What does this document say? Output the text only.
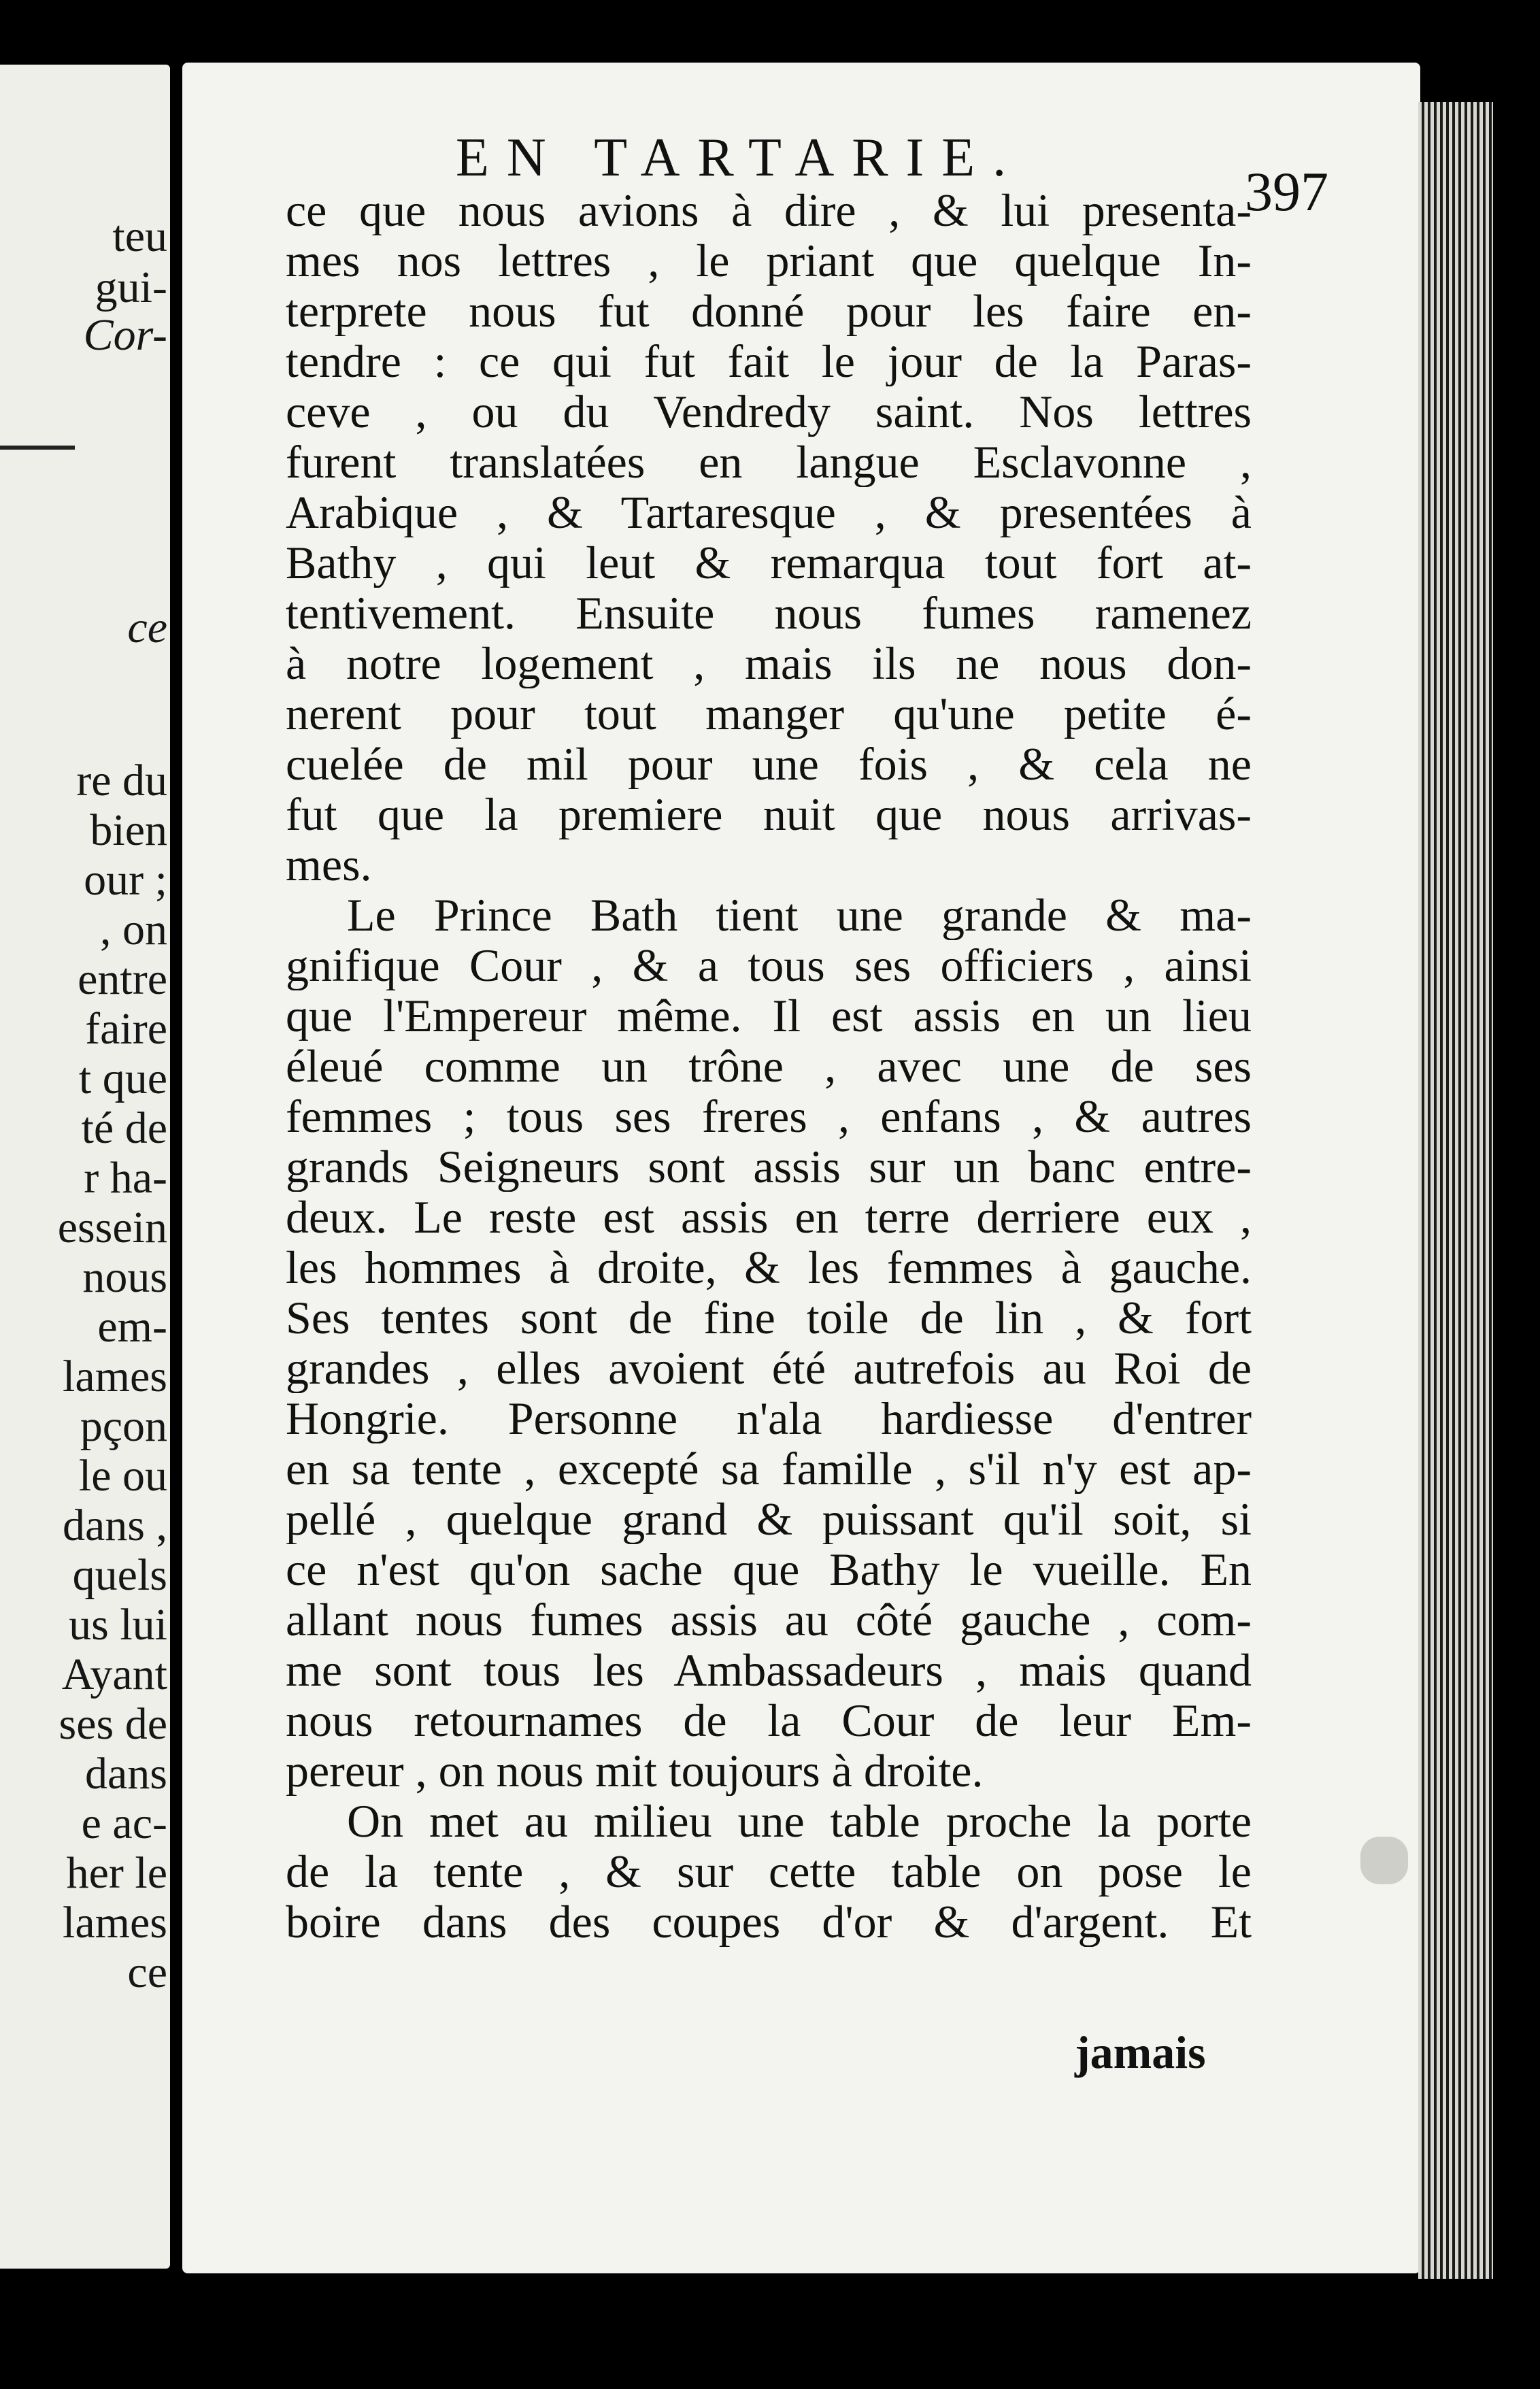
teu
gui-
Cor-
ce
re du
bien
our ;
, on
entre
faire
t que
té de
r ha-
essein
nous
em-
lames
pçon
le ou
dans ,
quels
us lui
Ayant
ses de
dans
e ac-
her le
lames
ce
EN TARTARIE.
397
ce que nous avions à dire , & lui presenta-
mes nos lettres , le priant que quelque In-
terprete nous fut donné pour les faire en-
tendre : ce qui fut fait le jour de la Paras-
ceve , ou du Vendredy saint. Nos lettres
furent translatées en langue Esclavonne ,
Arabique , & Tartaresque , & presentées à
Bathy , qui leut & remarqua tout fort at-
tentivement. Ensuite nous fumes ramenez
à notre logement , mais ils ne nous don-
nerent pour tout manger qu'une petite é-
cuelée de mil pour une fois , & cela ne
fut que la premiere nuit que nous arrivas-
mes.
Le Prince Bath tient une grande & ma-
gnifique Cour , & a tous ses officiers , ainsi
que l'Empereur même. Il est assis en un lieu
éleué comme un trône , avec une de ses
femmes ; tous ses freres , enfans , & autres
grands Seigneurs sont assis sur un banc entre-
deux. Le reste est assis en terre derriere eux ,
les hommes à droite, & les femmes à gauche.
Ses tentes sont de fine toile de lin , & fort
grandes , elles avoient été autrefois au Roi de
Hongrie. Personne n'ala hardiesse d'entrer
en sa tente , excepté sa famille , s'il n'y est ap-
pellé , quelque grand & puissant qu'il soit, si
ce n'est qu'on sache que Bathy le vueille. En
allant nous fumes assis au côté gauche , com-
me sont tous les Ambassadeurs , mais quand
nous retournames de la Cour de leur Em-
pereur , on nous mit toujours à droite.
On met au milieu une table proche la porte
de la tente , & sur cette table on pose le
boire dans des coupes d'or & d'argent. Et
jamais
